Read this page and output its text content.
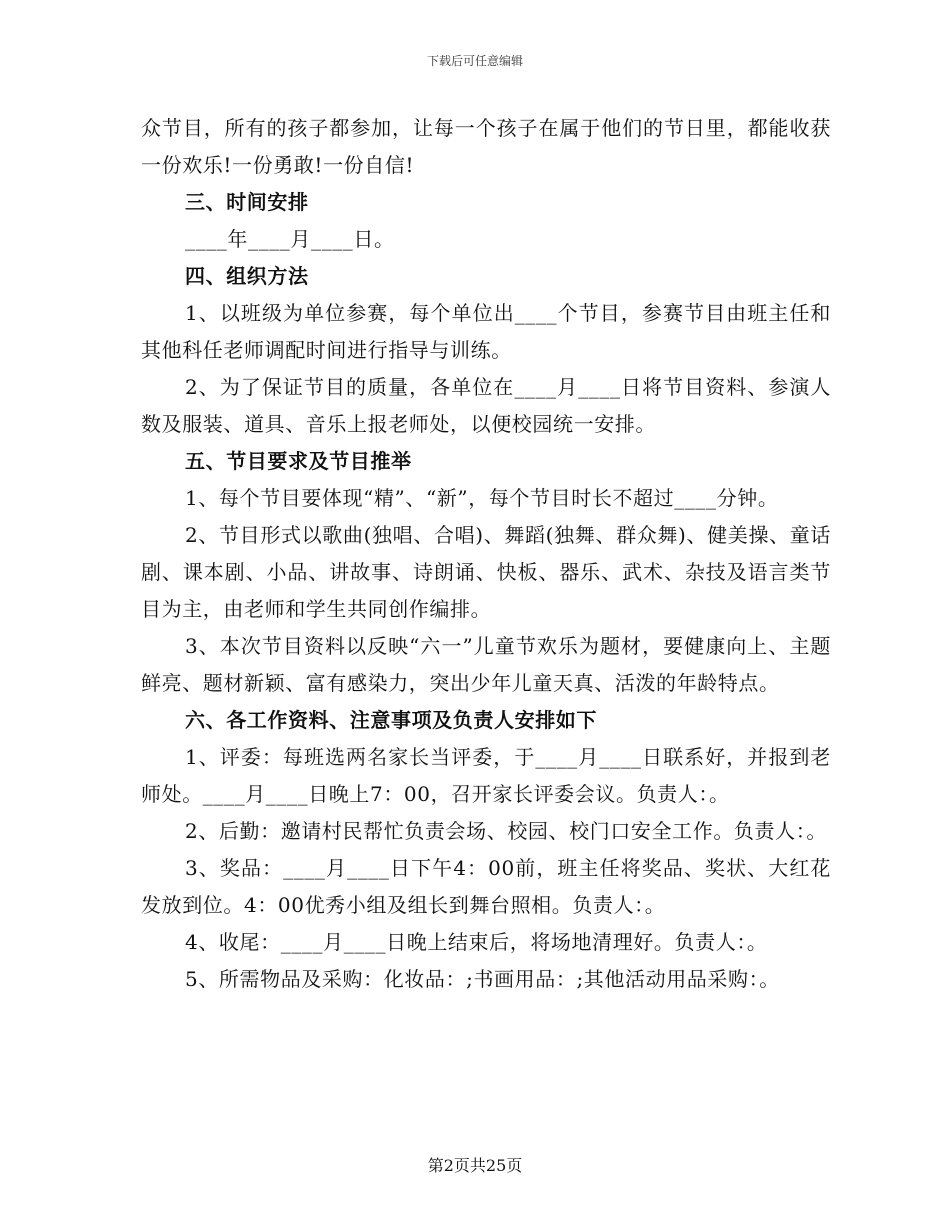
下载后可任意编辑

众节目，所有的孩子都参加，让每一个孩子在属于他们的节日里，都能收获一份欢乐!一份勇敢!一份自信!

三、时间安排

____年____月____日。

四、组织方法

1、以班级为单位参赛，每个单位出____个节目，参赛节目由班主任和其他科任老师调配时间进行指导与训练。

2、为了保证节目的质量，各单位在____月____日将节目资料、参演人数及服装、道具、音乐上报老师处，以便校园统一安排。

五、节目要求及节目推举

1、每个节目要体现“精”、“新”，每个节目时长不超过____分钟。

2、节目形式以歌曲(独唱、合唱)、舞蹈(独舞、群众舞)、健美操、童话剧、课本剧、小品、讲故事、诗朗诵、快板、器乐、武术、杂技及语言类节目为主，由老师和学生共同创作编排。

3、本次节目资料以反映“六一”儿童节欢乐为题材，要健康向上、主题鲜亮、题材新颖、富有感染力，突出少年儿童天真、活泼的年龄特点。

六、各工作资料、注意事项及负责人安排如下

1、评委：每班选两名家长当评委，于____月____日联系好，并报到老师处。____月____日晚上7：00，召开家长评委会议。负责人：。

2、后勤：邀请村民帮忙负责会场、校园、校门口安全工作。负责人：。

3、奖品：____月____日下午4：00前，班主任将奖品、奖状、大红花发放到位。4：00优秀小组及组长到舞台照相。负责人：。

4、收尾：____月____日晚上结束后，将场地清理好。负责人：。

5、所需物品及采购：化妆品：;书画用品：;其他活动用品采购：。

第2页共25页
